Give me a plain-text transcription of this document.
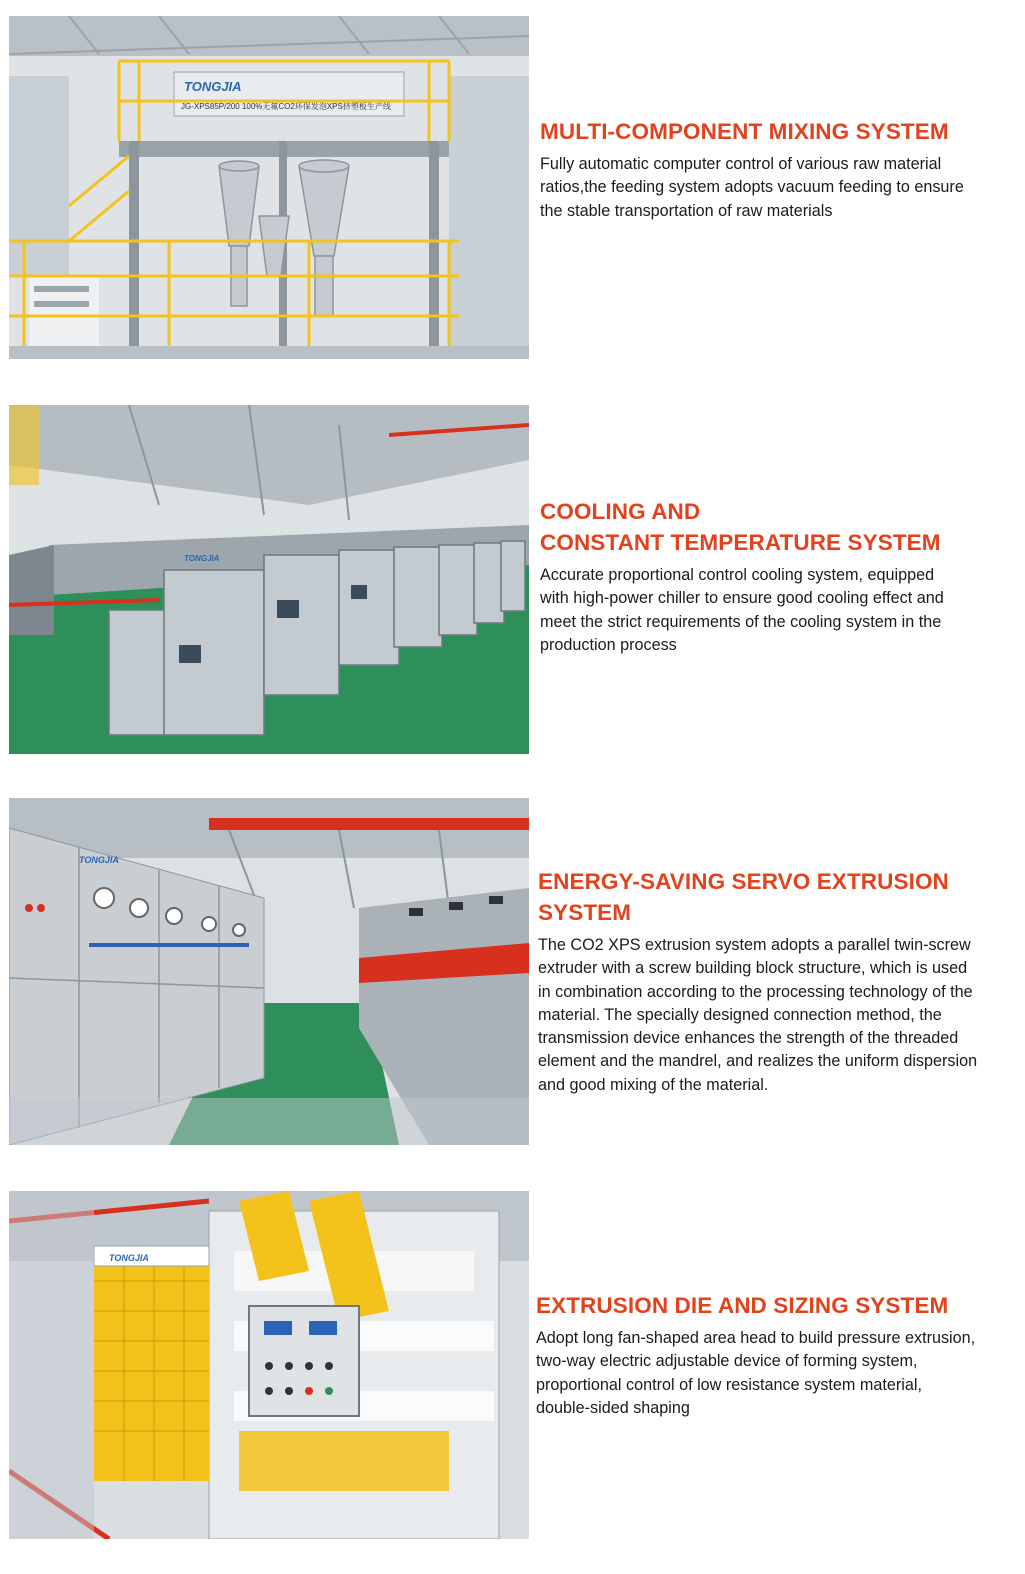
TONGJIA
JG-XPS85P/200 100%无氟CO2环保发泡XPS挤塑板生产线
MULTI-COMPONENT MIXING SYSTEM

Fully automatic computer control of various raw material
ratios,the feeding system adopts vacuum feeding to ensure
the stable transportation of raw materials

TONGJIA
COOLING AND
CONSTANT TEMPERATURE SYSTEM

Accurate proportional control cooling system, equipped
with high-power chiller to ensure good cooling effect and
meet the strict requirements of the cooling system in the
production process

TONGJIA
ENERGY-SAVING SERVO EXTRUSION
SYSTEM

The CO2 XPS extrusion system adopts a parallel twin-screw
extruder with a screw building block structure, which is used
in combination according to the processing technology of the
material. The specially designed connection method, the
transmission device enhances the strength of the threaded
element and the mandrel, and realizes the uniform dispersion
and good mixing of the material.

TONGJIA
EXTRUSION DIE AND SIZING SYSTEM

Adopt long fan-shaped area head to build pressure extrusion,
two-way electric adjustable device of forming system,
proportional control of low resistance system material,
double-sided shaping
